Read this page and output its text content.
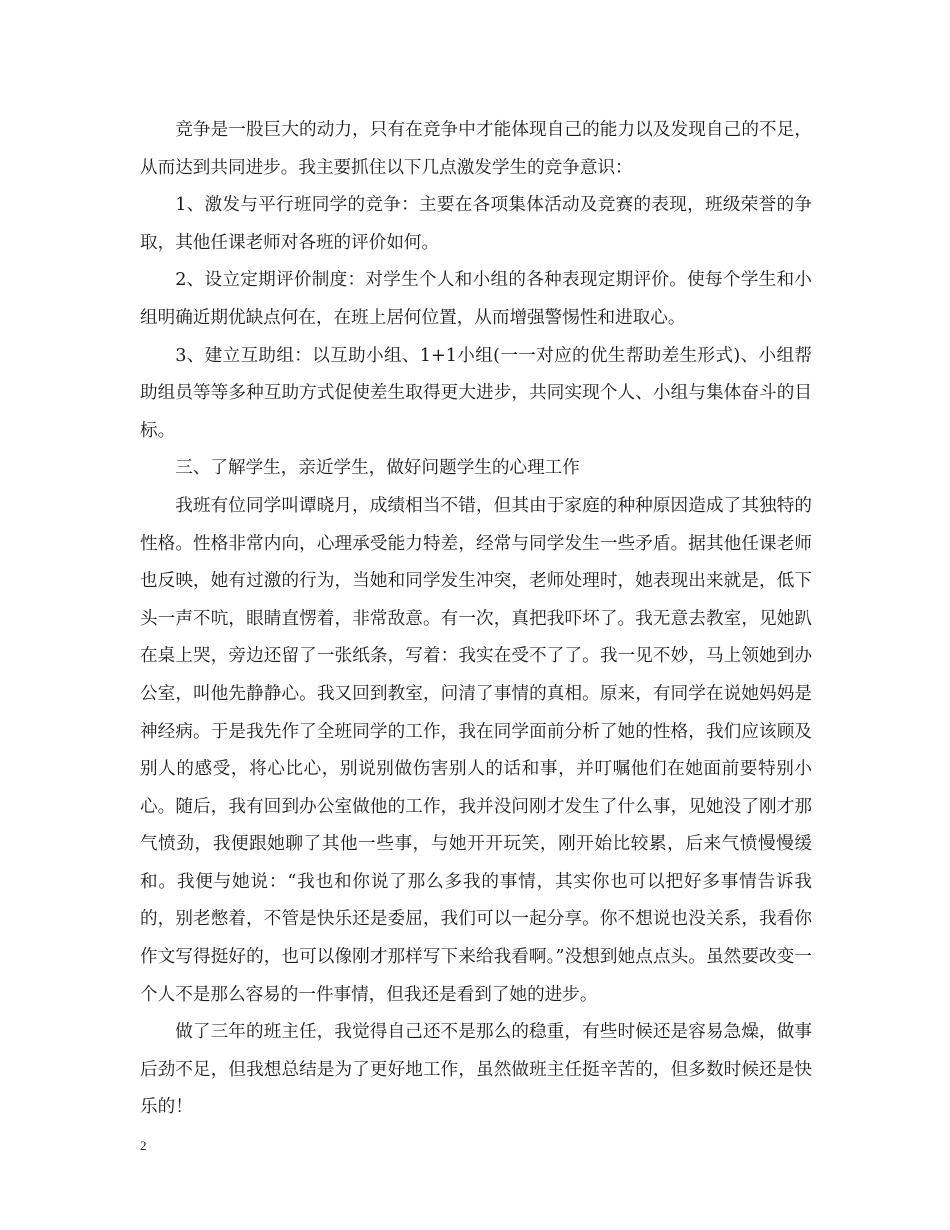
竞争是一股巨大的动力，只有在竞争中才能体现自己的能力以及发现自己的不足，从而达到共同进步。我主要抓住以下几点激发学生的竞争意识：

1、激发与平行班同学的竞争：主要在各项集体活动及竞赛的表现，班级荣誉的争取，其他任课老师对各班的评价如何。

2、设立定期评价制度：对学生个人和小组的各种表现定期评价。使每个学生和小组明确近期优缺点何在，在班上居何位置，从而增强警惕性和进取心。

3、建立互助组：以互助小组、1+1小组(一一对应的优生帮助差生形式)、小组帮助组员等等多种互助方式促使差生取得更大进步，共同实现个人、小组与集体奋斗的目标。

三、了解学生，亲近学生，做好问题学生的心理工作

我班有位同学叫谭晓月，成绩相当不错，但其由于家庭的种种原因造成了其独特的性格。性格非常内向，心理承受能力特差，经常与同学发生一些矛盾。据其他任课老师也反映，她有过激的行为，当她和同学发生冲突，老师处理时，她表现出来就是，低下头一声不吭，眼睛直愣着，非常敌意。有一次，真把我吓坏了。我无意去教室，见她趴在桌上哭，旁边还留了一张纸条，写着：我实在受不了了。我一见不妙，马上领她到办公室，叫他先静静心。我又回到教室，问清了事情的真相。原来，有同学在说她妈妈是神经病。于是我先作了全班同学的工作，我在同学面前分析了她的性格，我们应该顾及别人的感受，将心比心，别说别做伤害别人的话和事，并叮嘱他们在她面前要特别小心。随后，我有回到办公室做他的工作，我并没问刚才发生了什么事，见她没了刚才那气愤劲，我便跟她聊了其他一些事，与她开开玩笑，刚开始比较累，后来气愤慢慢缓和。我便与她说：“我也和你说了那么多我的事情，其实你也可以把好多事情告诉我的，别老憋着，不管是快乐还是委屈，我们可以一起分享。你不想说也没关系，我看你作文写得挺好的，也可以像刚才那样写下来给我看啊。”没想到她点点头。虽然要改变一个人不是那么容易的一件事情，但我还是看到了她的进步。

做了三年的班主任，我觉得自己还不是那么的稳重，有些时候还是容易急燥，做事后劲不足，但我想总结是为了更好地工作，虽然做班主任挺辛苦的，但多数时候还是快乐的！

2
